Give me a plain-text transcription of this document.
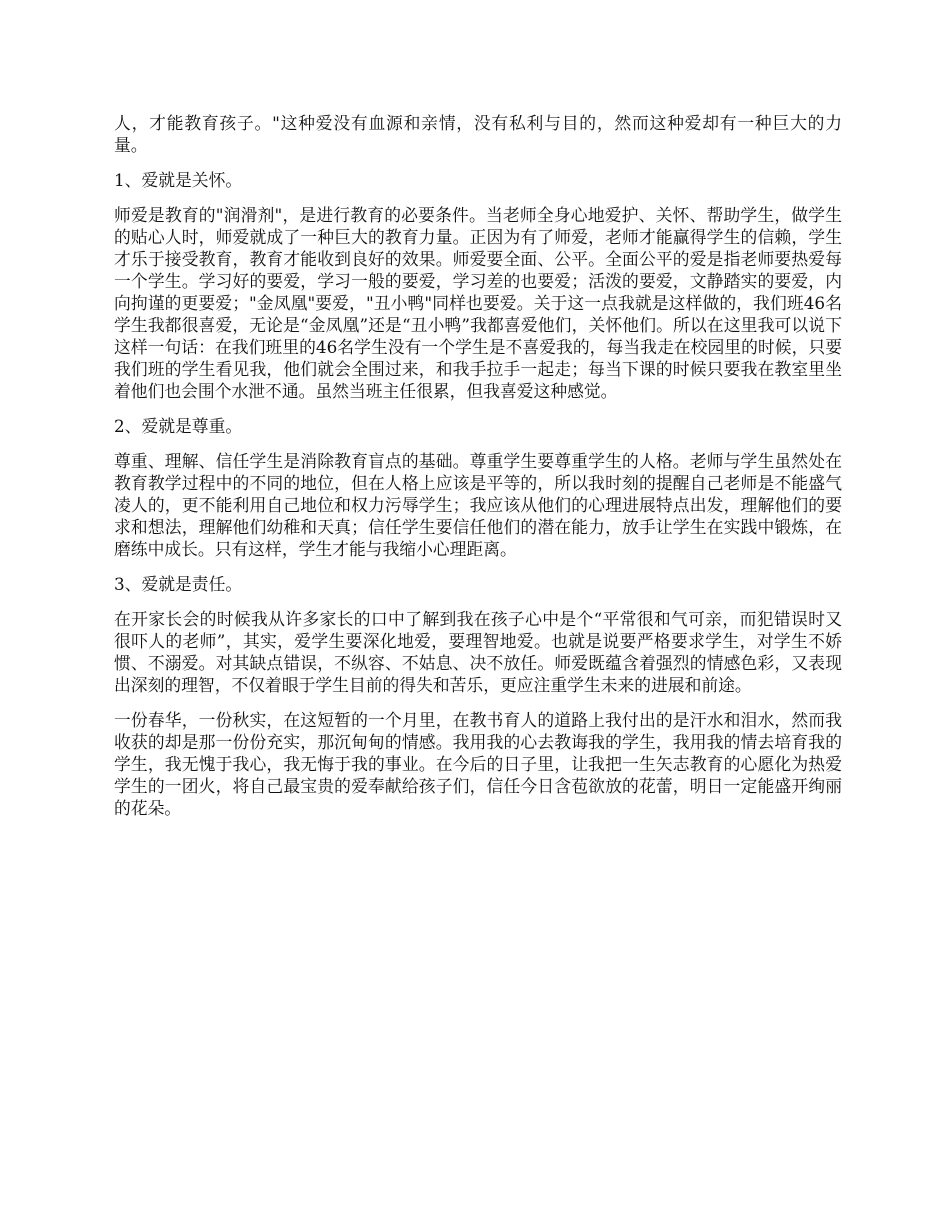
人，才能教育孩子。"这种爱没有血源和亲情，没有私利与目的，然而这种爱却有一种巨大的力量。

1、爱就是关怀。

师爱是教育的"润滑剂"，是进行教育的必要条件。当老师全身心地爱护、关怀、帮助学生，做学生的贴心人时，师爱就成了一种巨大的教育力量。正因为有了师爱，老师才能赢得学生的信赖，学生才乐于接受教育，教育才能收到良好的效果。师爱要全面、公平。全面公平的爱是指老师要热爱每一个学生。学习好的要爱，学习一般的要爱，学习差的也要爱；活泼的要爱，文静踏实的要爱，内向拘谨的更要爱；"金凤凰"要爱，"丑小鸭"同样也要爱。关于这一点我就是这样做的，我们班46名学生我都很喜爱，无论是“金凤凰”还是“丑小鸭”我都喜爱他们，关怀他们。所以在这里我可以说下这样一句话：在我们班里的46名学生没有一个学生是不喜爱我的，每当我走在校园里的时候，只要我们班的学生看见我，他们就会全围过来，和我手拉手一起走；每当下课的时候只要我在教室里坐着他们也会围个水泄不通。虽然当班主任很累，但我喜爱这种感觉。

2、爱就是尊重。

尊重、理解、信任学生是消除教育盲点的基础。尊重学生要尊重学生的人格。老师与学生虽然处在教育教学过程中的不同的地位，但在人格上应该是平等的，所以我时刻的提醒自己老师是不能盛气凌人的，更不能利用自己地位和权力污辱学生；我应该从他们的心理进展特点出发，理解他们的要求和想法，理解他们幼稚和天真；信任学生要信任他们的潜在能力，放手让学生在实践中锻炼，在磨练中成长。只有这样，学生才能与我缩小心理距离。

3、爱就是责任。

在开家长会的时候我从许多家长的口中了解到我在孩子心中是个“平常很和气可亲，而犯错误时又很吓人的老师”，其实，爱学生要深化地爱，要理智地爱。也就是说要严格要求学生，对学生不娇惯、不溺爱。对其缺点错误，不纵容、不姑息、决不放任。师爱既蕴含着强烈的情感色彩，又表现出深刻的理智，不仅着眼于学生目前的得失和苦乐，更应注重学生未来的进展和前途。

一份春华，一份秋实，在这短暂的一个月里，在教书育人的道路上我付出的是汗水和泪水，然而我收获的却是那一份份充实，那沉甸甸的情感。我用我的心去教诲我的学生，我用我的情去培育我的学生，我无愧于我心，我无悔于我的事业。在今后的日子里，让我把一生矢志教育的心愿化为热爱学生的一团火，将自己最宝贵的爱奉献给孩子们，信任今日含苞欲放的花蕾，明日一定能盛开绚丽的花朵。
